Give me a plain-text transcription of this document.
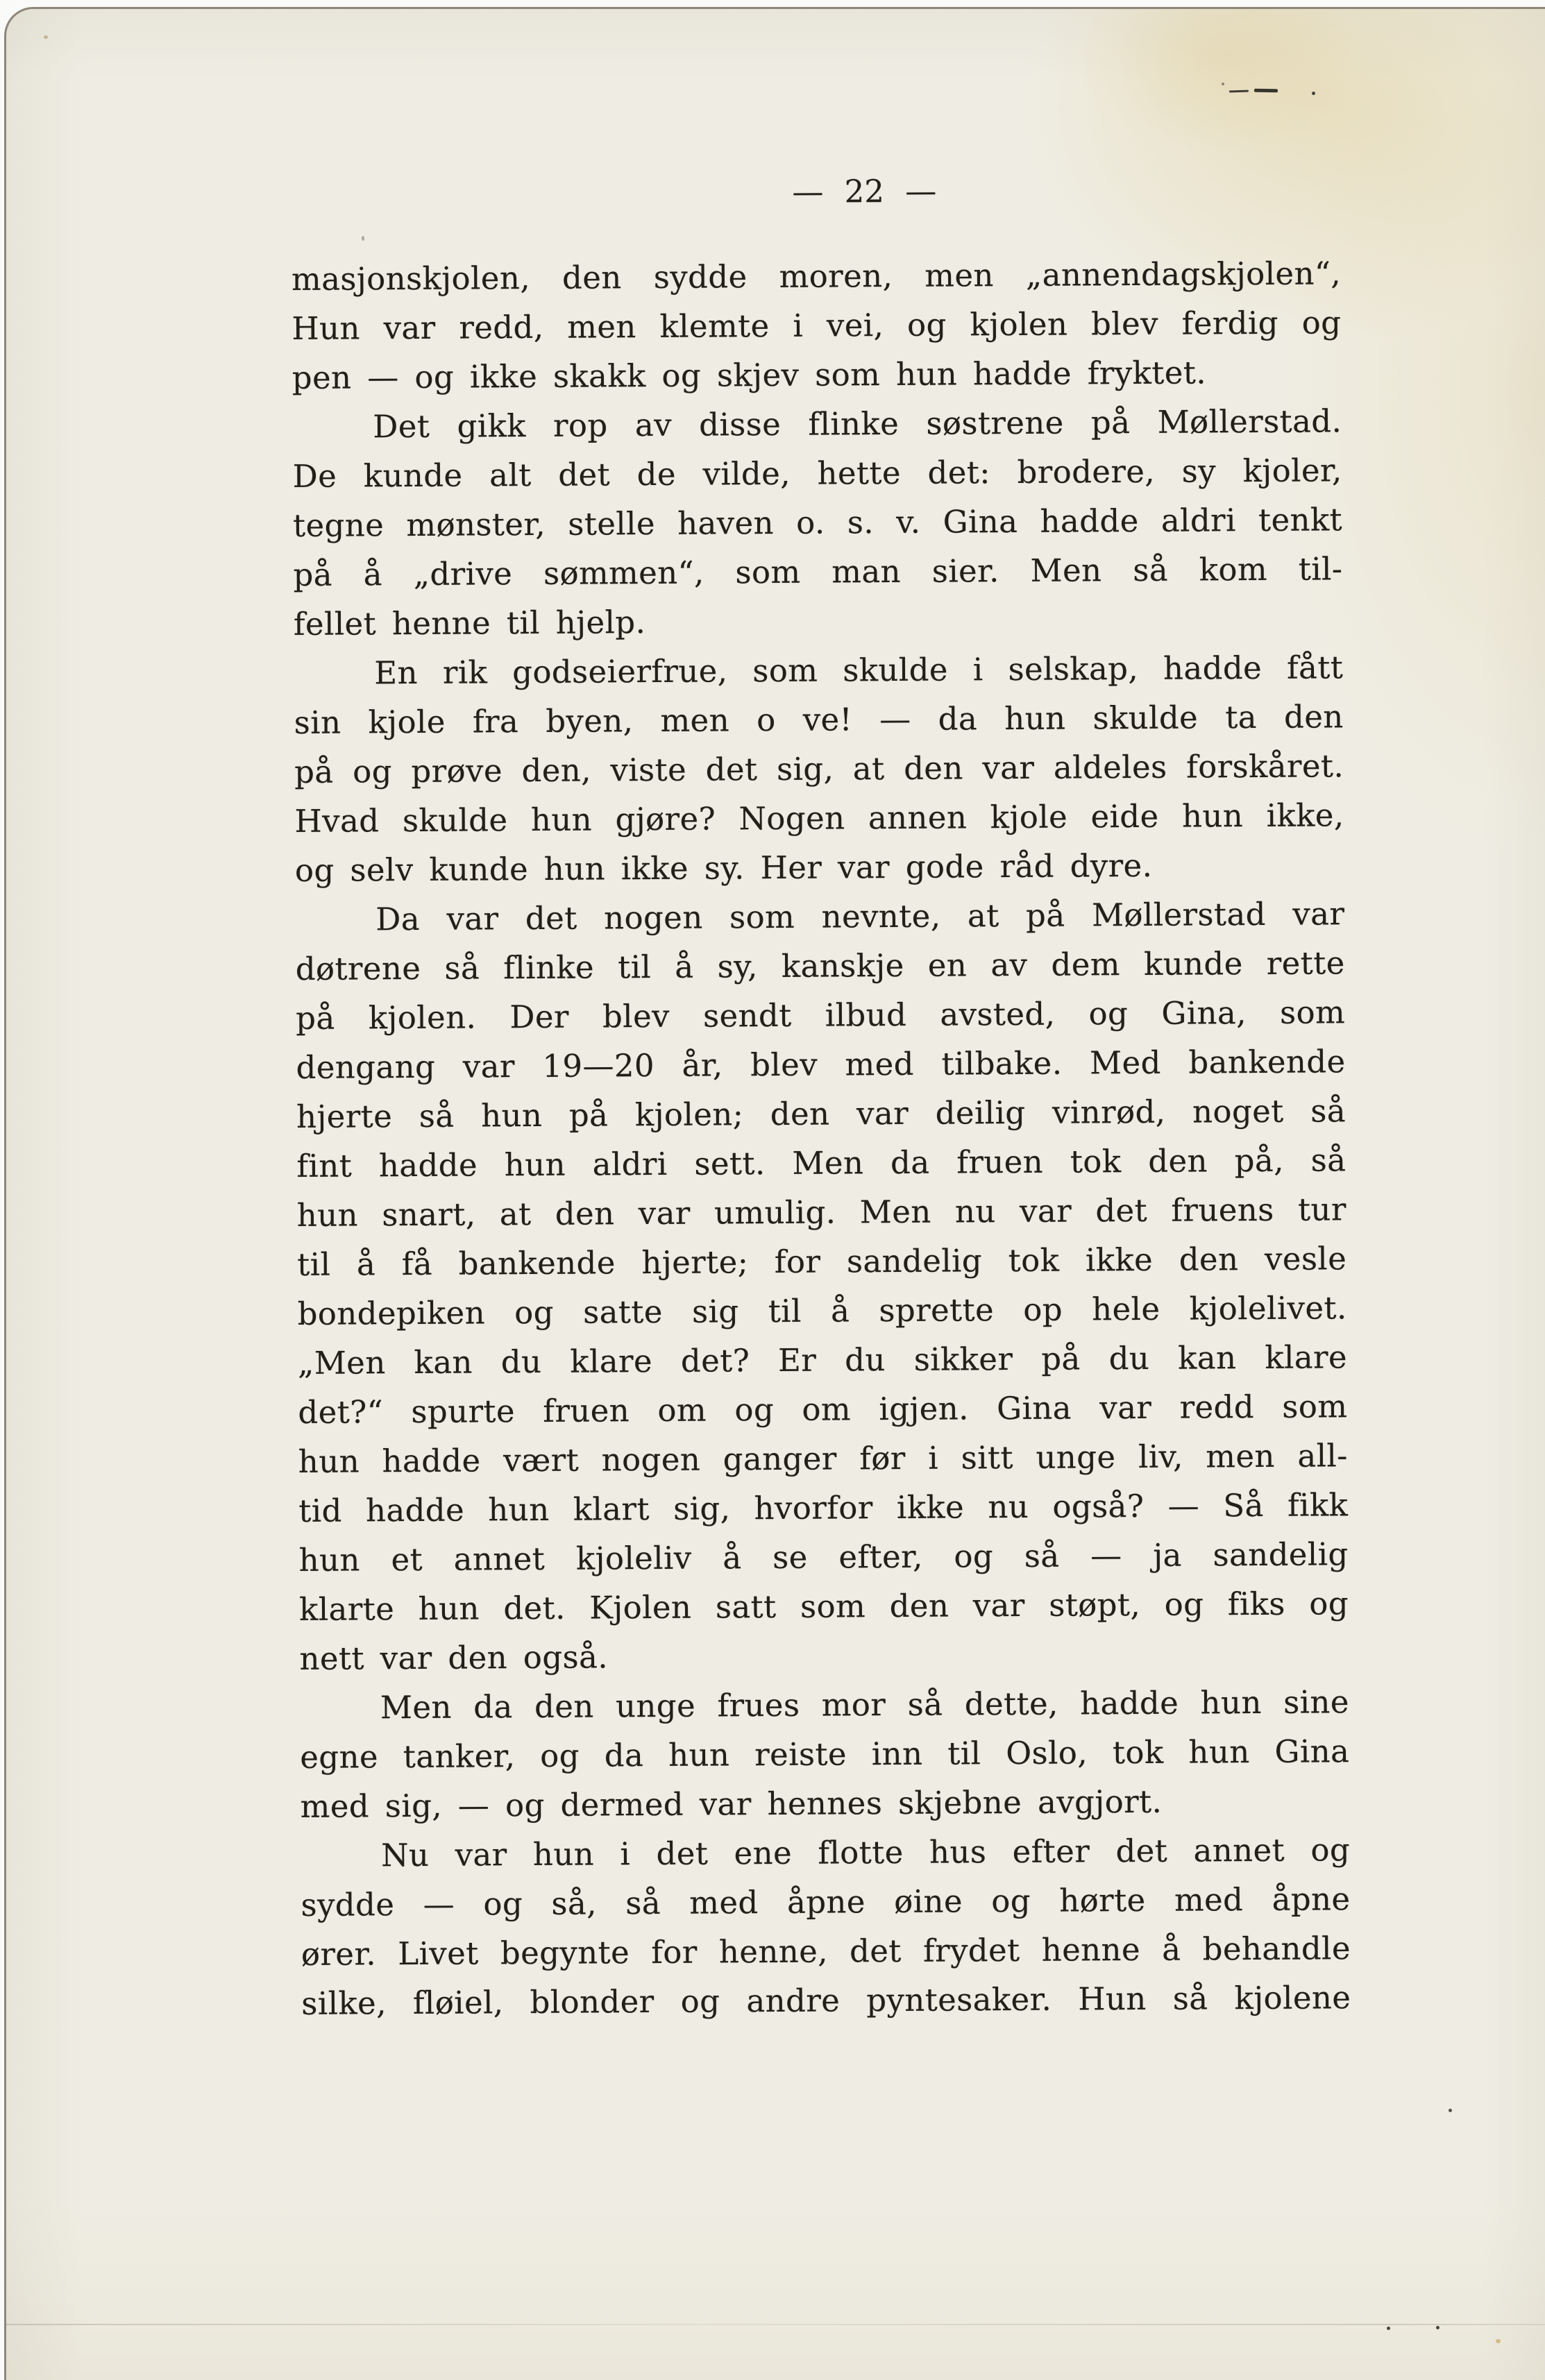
— 22 —
masjonskjolen, den sydde moren, men „annendagskjolen“,
Hun var redd, men klemte i vei, og kjolen blev ferdig og
pen — og ikke skakk og skjev som hun hadde fryktet.
Det gikk rop av disse flinke søstrene på Møllerstad.
De kunde alt det de vilde, hette det: brodere, sy kjoler,
tegne mønster, stelle haven o. s. v. Gina hadde aldri tenkt
på å „drive sømmen“, som man sier. Men så kom til-
fellet henne til hjelp.
En rik godseierfrue, som skulde i selskap, hadde fått
sin kjole fra byen, men o ve! — da hun skulde ta den
på og prøve den, viste det sig, at den var aldeles forskåret.
Hvad skulde hun gjøre? Nogen annen kjole eide hun ikke,
og selv kunde hun ikke sy. Her var gode råd dyre.
Da var det nogen som nevnte, at på Møllerstad var
døtrene så flinke til å sy, kanskje en av dem kunde rette
på kjolen. Der blev sendt ilbud avsted, og Gina, som
dengang var 19—20 år, blev med tilbake. Med bankende
hjerte så hun på kjolen; den var deilig vinrød, noget så
fint hadde hun aldri sett. Men da fruen tok den på, så
hun snart, at den var umulig. Men nu var det fruens tur
til å få bankende hjerte; for sandelig tok ikke den vesle
bondepiken og satte sig til å sprette op hele kjolelivet.
„Men kan du klare det? Er du sikker på du kan klare
det?“ spurte fruen om og om igjen. Gina var redd som
hun hadde vært nogen ganger før i sitt unge liv, men all-
tid hadde hun klart sig, hvorfor ikke nu også? — Så fikk
hun et annet kjoleliv å se efter, og så — ja sandelig
klarte hun det. Kjolen satt som den var støpt, og fiks og
nett var den også.
Men da den unge frues mor så dette, hadde hun sine
egne tanker, og da hun reiste inn til Oslo, tok hun Gina
med sig, — og dermed var hennes skjebne avgjort.
Nu var hun i det ene flotte hus efter det annet og
sydde — og så, så med åpne øine og hørte med åpne
ører. Livet begynte for henne, det frydet henne å behandle
silke, fløiel, blonder og andre pyntesaker. Hun så kjolene
